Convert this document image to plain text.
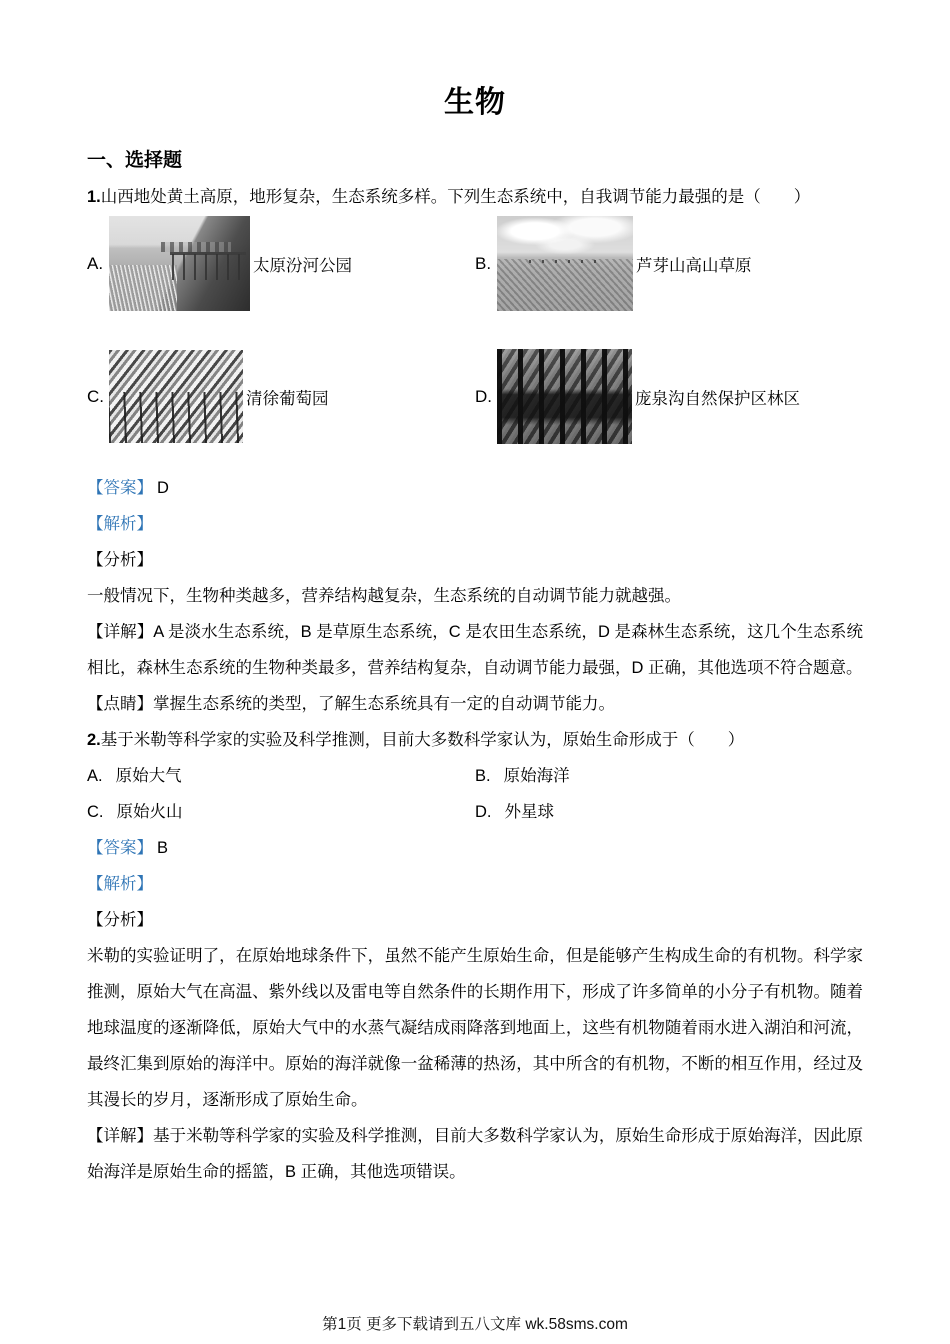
生物
一、选择题

1.山西地处黄土高原，地形复杂，生态系统多样。下列生态系统中，自我调节能力最强的是（　　）

A.	太原汾河公园	B.	芦芽山高山草原
C.	清徐葡萄园	D.	庞泉沟自然保护区林区
【答案】 D
【解析】
【分析】

一般情况下，生物种类越多，营养结构越复杂，生态系统的自动调节能力就越强。

【详解】A 是淡水生态系统，B 是草原生态系统，C 是农田生态系统，D 是森林生态系统，这几个生态系统相比，森林生态系统的生物种类最多，营养结构复杂，自动调节能力最强，D 正确，其他选项不符合题意。

【点睛】掌握生态系统的类型，了解生态系统具有一定的自动调节能力。

2.基于米勒等科学家的实验及科学推测，目前大多数科学家认为，原始生命形成于（　　）

A. 原始大气	B. 原始海洋
C. 原始火山	D. 外星球
【答案】 B
【解析】
【分析】

米勒的实验证明了，在原始地球条件下，虽然不能产生原始生命，但是能够产生构成生命的有机物。科学家推测，原始大气在高温、紫外线以及雷电等自然条件的长期作用下，形成了许多简单的小分子有机物。随着地球温度的逐渐降低，原始大气中的水蒸气凝结成雨降落到地面上，这些有机物随着雨水进入湖泊和河流，最终汇集到原始的海洋中。原始的海洋就像一盆稀薄的热汤，其中所含的有机物，不断的相互作用，经过及其漫长的岁月，逐渐形成了原始生命。

【详解】基于米勒等科学家的实验及科学推测，目前大多数科学家认为，原始生命形成于原始海洋，因此原始海洋是原始生命的摇篮，B 正确，其他选项错误。

第1页 更多下载请到五八文库 wk.58sms.com
